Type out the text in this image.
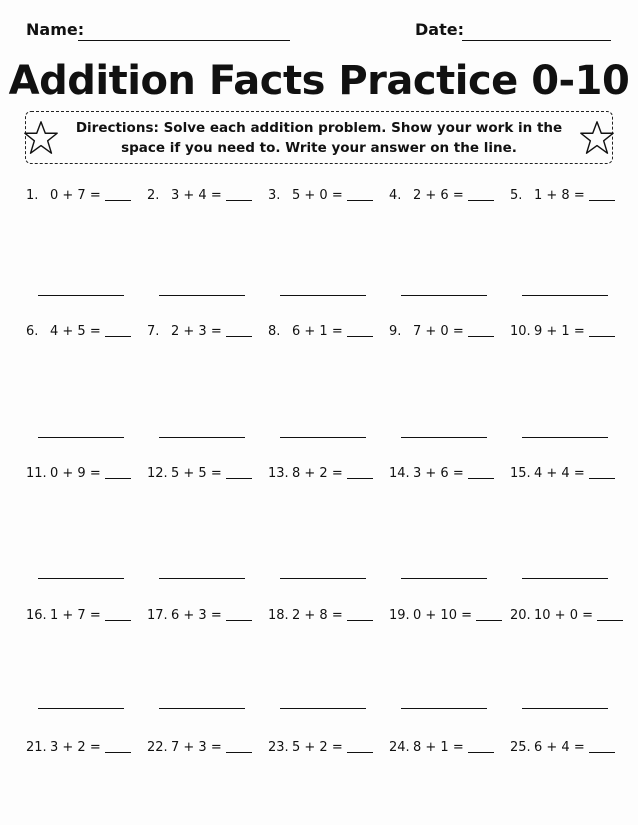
Name:	Date:
Addition Facts Practice 0-10
Directions: Solve each addition problem. Show your work in the space if you need to. Write your answer on the line.
1. 0 + 7 =	2. 3 + 4 =	3. 5 + 0 =	4. 2 + 6 =	5. 1 + 8 =
6. 4 + 5 =	7. 2 + 3 =	8. 6 + 1 =	9. 7 + 0 =	10. 9 + 1 =
11. 0 + 9 =	12. 5 + 5 =	13. 8 + 2 =	14. 3 + 6 =	15. 4 + 4 =
16. 1 + 7 =	17. 6 + 3 =	18. 2 + 8 =	19. 0 + 10 =	20. 10 + 0 =
21. 3 + 2 =	22. 7 + 3 =	23. 5 + 2 =	24. 8 + 1 =	25. 6 + 4 =
